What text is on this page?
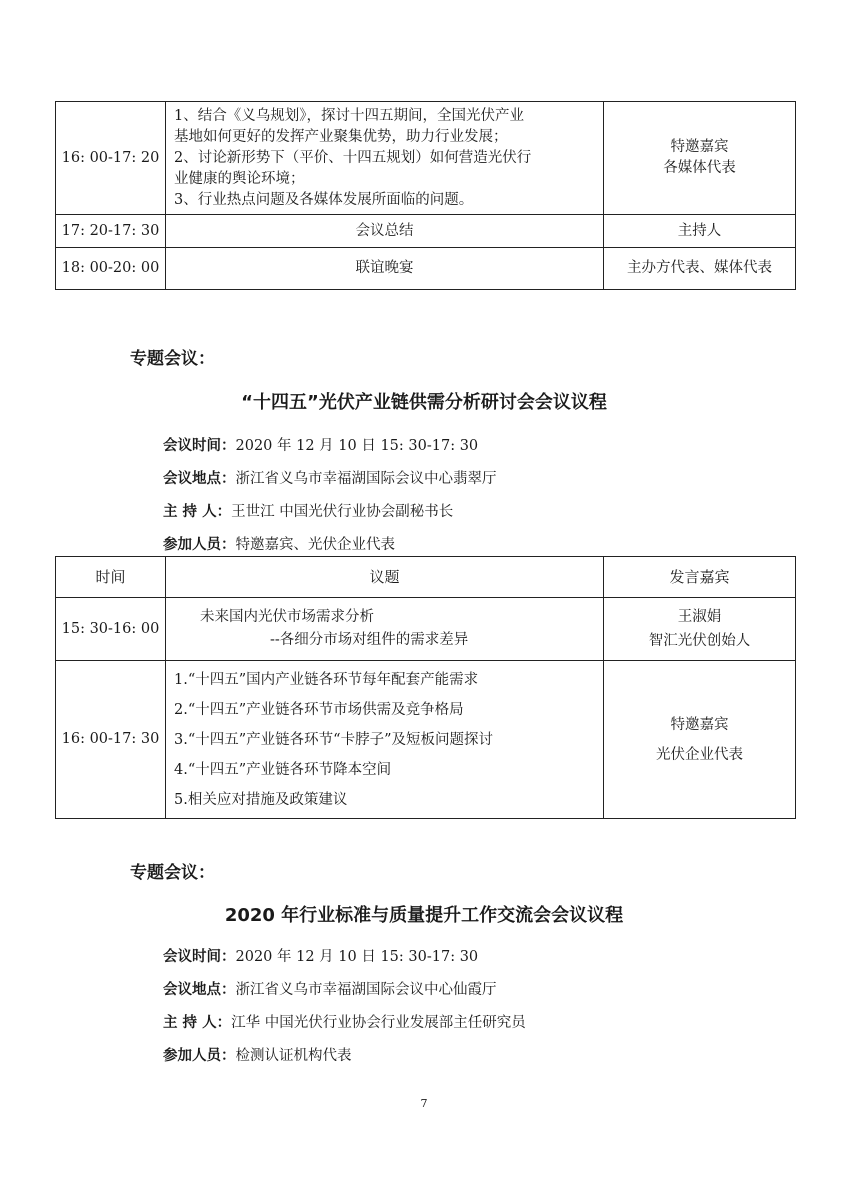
16: 00-17: 20	1、结合《义乌规划》，探讨十四五期间，全国光伏产业
基地如何更好的发挥产业聚集优势，助力行业发展；
2、讨论新形势下（平价、十四五规划）如何营造光伏行
业健康的舆论环境；
3、行业热点问题及各媒体发展所面临的问题。	特邀嘉宾
各媒体代表

17: 20-17: 30	会议总结	主持人
18: 00-20: 00	联谊晚宴	主办方代表、媒体代表
专题会议：
“十四五”光伏产业链供需分析研讨会会议议程
会议时间：2020 年 12 月 10 日 15: 30-17: 30
会议地点：浙江省义乌市幸福湖国际会议中心翡翠厅
主 持 人：王世江 中国光伏行业协会副秘书长
参加人员：特邀嘉宾、光伏企业代表
时间	议题	发言嘉宾
15: 30-16: 00	未来国内光伏市场需求分析
--各细分市场对组件的需求差异	王淑娟
智汇光伏创始人

16: 00-17: 30	1.“十四五”国内产业链各环节每年配套产能需求
2.“十四五”产业链各环节市场供需及竞争格局
3.“十四五”产业链各环节“卡脖子”及短板问题探讨
4.“十四五”产业链各环节降本空间
5.相关应对措施及政策建议	特邀嘉宾
光伏企业代表
专题会议：
2020 年行业标准与质量提升工作交流会会议议程
会议时间：2020 年 12 月 10 日 15: 30-17: 30
会议地点：浙江省义乌市幸福湖国际会议中心仙霞厅
主 持 人：江华 中国光伏行业协会行业发展部主任研究员
参加人员：检测认证机构代表
7
